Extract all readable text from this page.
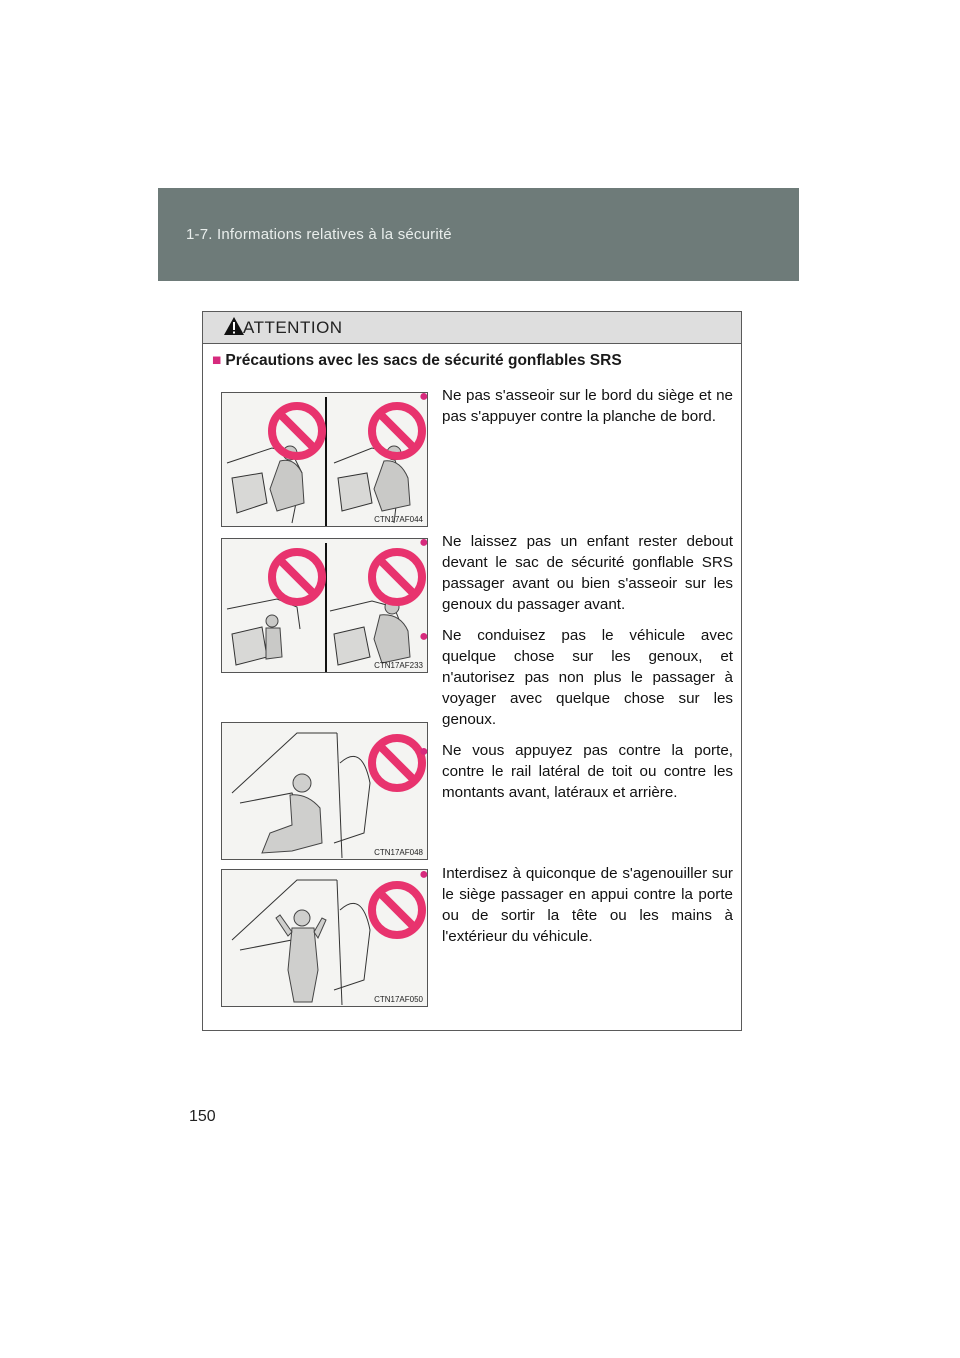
1-7. Informations relatives à la sécurité
ATTENTION
■ Précautions avec les sacs de sécurité gonflables SRS
CTN17AF044
CTN17AF233
CTN17AF048
CTN17AF050
● Ne pas s'asseoir sur le bord du siège et ne pas s'appuyer contre la planche de bord.
● Ne laissez pas un enfant rester debout devant le sac de sécurité gonflable SRS passager avant ou bien s'asseoir sur les genoux du passager avant.
● Ne conduisez pas le véhicule avec quelque chose sur les genoux, et n'autorisez pas non plus le passager à voyager avec quelque chose sur les genoux.
● Ne vous appuyez pas contre la porte, contre le rail latéral de toit ou contre les montants avant, latéraux et arrière.
● Interdisez à quiconque de s'agenouiller sur le siège passager en appui contre la porte ou de sortir la tête ou les mains à l'extérieur du véhicule.
150
